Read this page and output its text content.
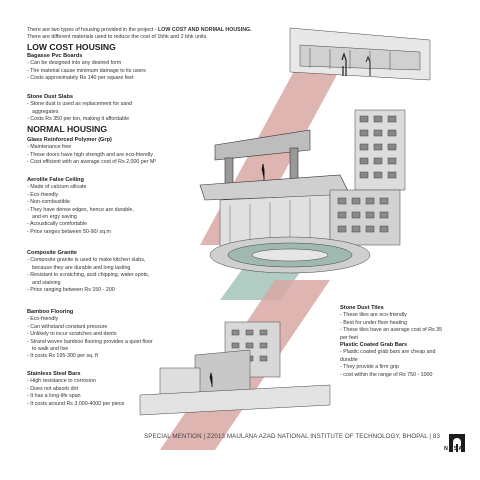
There are two types of housing provided in the project - LOW COST AND NORMAL HOUSING.

There are different materials used to reduce the cost of 1bhk and 2 bhk units.

LOW COST HOUSING

Bagasse Pvc Boards

- Can be designed into any desired form

- The material cause minimum damage to its users

- Costs approximately Rs 140 per square feet

Stone Dust Slabs

- Stone dust is used as replacement for sand

aggregates

- Costs Rs 350 per ton, making it affordable

NORMAL HOUSING

Glass Reinforced Polymer (Grp)

- Maintenance free

- These doors have high strength and are eco-friendly

- Cost efficient with an average cost of Rs 2,000 per M²

Aerolite False Ceiling

- Made of calcium silicate

- Eco-friendly

- Non-combustible

- They have dense edges, hence are durable,

and en ergy saving

- Acoustically comfortable

- Price ranges between 50-90/ sq.m

Composite Granite

- Composite granite is used to make kitchen slabs,

because they are durable and long lasting

- Resistant to scratching, acid chipping, water spots,

and staining

- Price ranging between Rs 150 - 200

Bamboo Flooring

- Eco-friendly

- Can withstand constant pressure

- Unlikely to incur scratches and dents

- Strand woven bamboo flooring provides a quiet floor

to walk and live

- It costs Rs 195-300 per sq. ft

Stainless Steel Bars

- High resistance to corrosion

- Does not absorb dirt

- It has a long-life span

- It costs around Rs 3,000-4000 per piece

Stone Dust Tiles

- These tiles are eco-friendly

- Best for under floor heating

- These tiles have an average cost of Rs 35

per feet

Plastic Coated Grab Bars

- Plastic coated grab bars are cheap and

durable

- They provide a firm grip

- cost within the range of Rs 750 - 1000

SPECIAL MENTION | Z2013 MAULANA AZAD NATIONAL INSTITUTE OF TECHNOLOGY, BHOPAL | 83
NASA
